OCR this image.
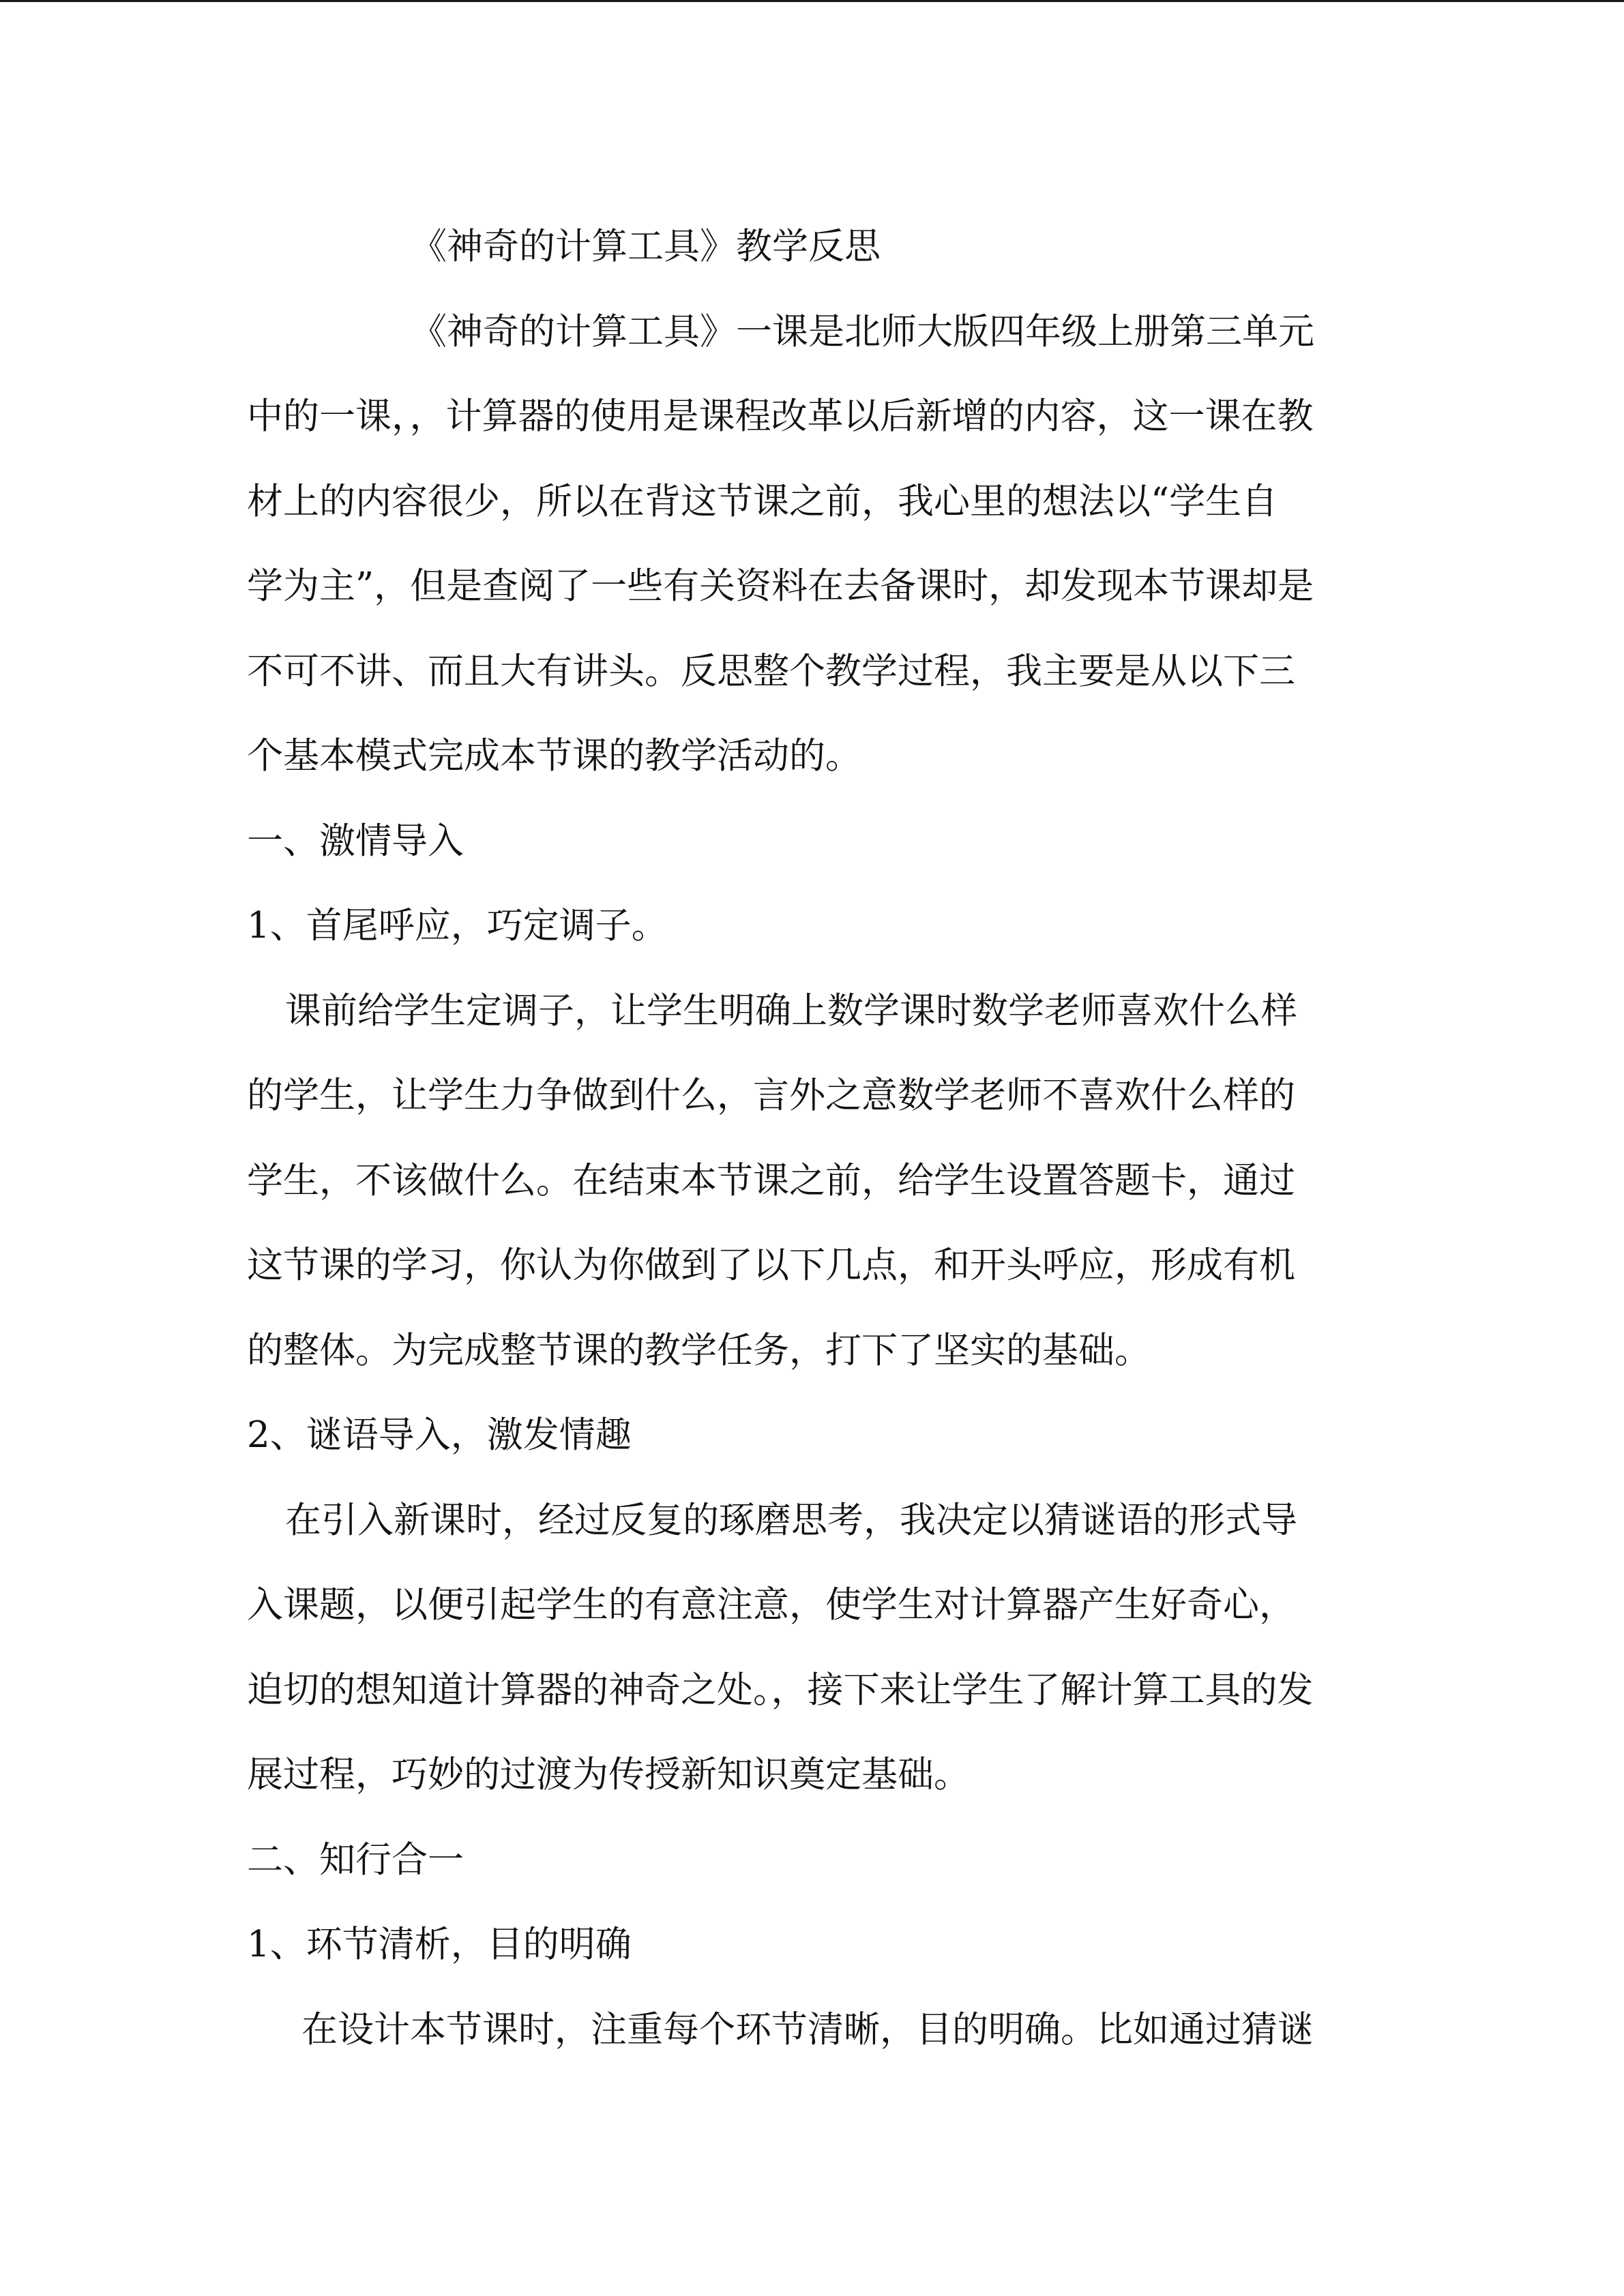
《神奇的计算工具》教学反思
《神奇的计算工具》一课是北师大版四年级上册第三单元
中的一课，，计算器的使用是课程改革以后新增的内容，这一课在教
材上的内容很少，所以在背这节课之前，我心里的想法以“学生自
学为主”，但是查阅了一些有关资料在去备课时，却发现本节课却是
不可不讲、而且大有讲头。反思整个教学过程，我主要是从以下三
个基本模式完成本节课的教学活动的。
一、激情导入
1、首尾呼应，巧定调子。
课前给学生定调子，让学生明确上数学课时数学老师喜欢什么样
的学生，让学生力争做到什么，言外之意数学老师不喜欢什么样的
学生，不该做什么。在结束本节课之前，给学生设置答题卡，通过
这节课的学习，你认为你做到了以下几点，和开头呼应，形成有机
的整体。为完成整节课的教学任务，打下了坚实的基础。
2、谜语导入，激发情趣
在引入新课时，经过反复的琢磨思考，我决定以猜谜语的形式导
入课题，以便引起学生的有意注意，使学生对计算器产生好奇心，
迫切的想知道计算器的神奇之处。，接下来让学生了解计算工具的发
展过程，巧妙的过渡为传授新知识奠定基础。
二、知行合一
1、环节清析，目的明确
在设计本节课时，注重每个环节清晰，目的明确。比如通过猜谜
